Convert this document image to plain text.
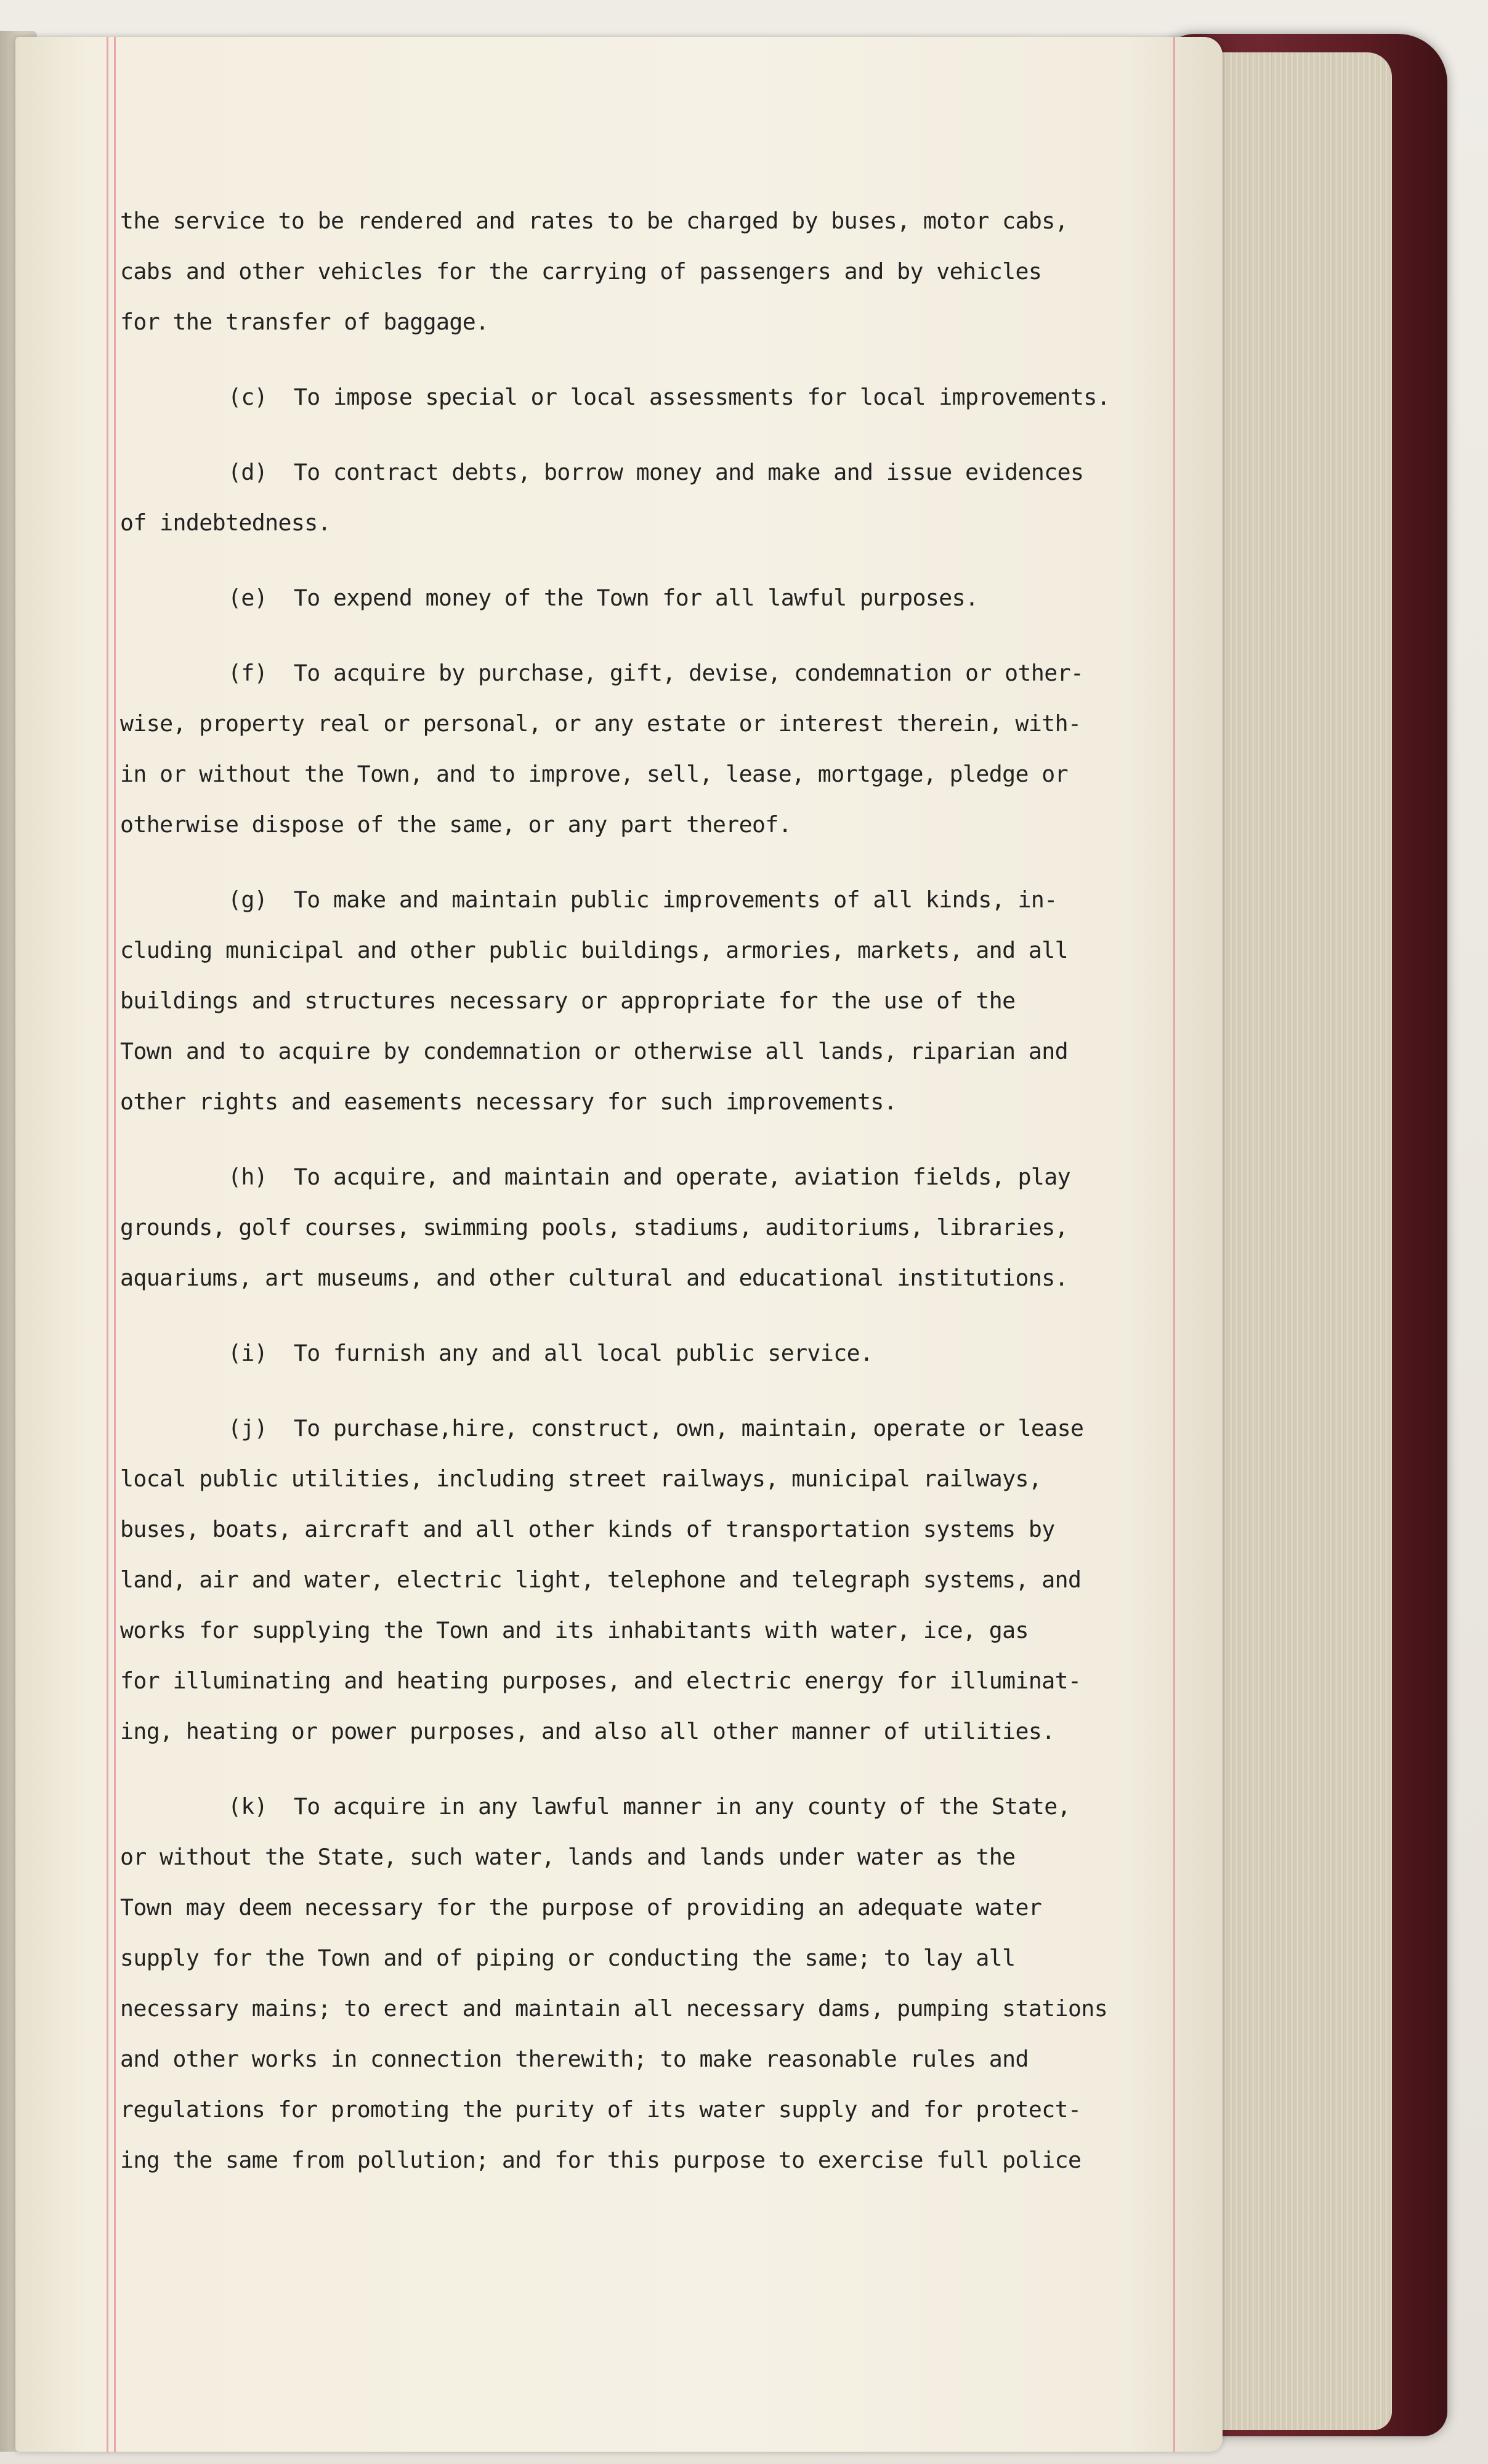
the service to be rendered and rates to be charged by buses, motor cabs,
cabs and other vehicles for the carrying of passengers and by vehicles
for the transfer of baggage.
(c)  To impose special or local assessments for local improvements.
(d)  To contract debts, borrow money and make and issue evidences
of indebtedness.
(e)  To expend money of the Town for all lawful purposes.
(f)  To acquire by purchase, gift, devise, condemnation or other-
wise, property real or personal, or any estate or interest therein, with-
in or without the Town, and to improve, sell, lease, mortgage, pledge or
otherwise dispose of the same, or any part thereof.
(g)  To make and maintain public improvements of all kinds, in-
cluding municipal and other public buildings, armories, markets, and all
buildings and structures necessary or appropriate for the use of the
Town and to acquire by condemnation or otherwise all lands, riparian and
other rights and easements necessary for such improvements.
(h)  To acquire, and maintain and operate, aviation fields, play
grounds, golf courses, swimming pools, stadiums, auditoriums, libraries,
aquariums, art museums, and other cultural and educational institutions.
(i)  To furnish any and all local public service.
(j)  To purchase,hire, construct, own, maintain, operate or lease
local public utilities, including street railways, municipal railways,
buses, boats, aircraft and all other kinds of transportation systems by
land, air and water, electric light, telephone and telegraph systems, and
works for supplying the Town and its inhabitants with water, ice, gas
for illuminating and heating purposes, and electric energy for illuminat-
ing, heating or power purposes, and also all other manner of utilities.
(k)  To acquire in any lawful manner in any county of the State,
or without the State, such water, lands and lands under water as the
Town may deem necessary for the purpose of providing an adequate water
supply for the Town and of piping or conducting the same; to lay all
necessary mains; to erect and maintain all necessary dams, pumping stations
and other works in connection therewith; to make reasonable rules and
regulations for promoting the purity of its water supply and for protect-
ing the same from pollution; and for this purpose to exercise full police
